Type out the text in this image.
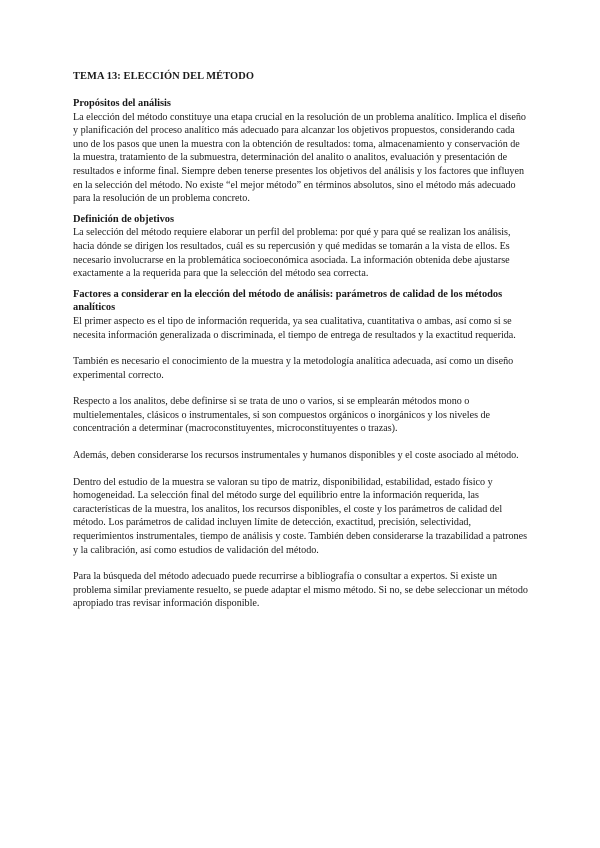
TEMA 13: ELECCIÓN DEL MÉTODO
Propósitos del análisis

La elección del método constituye una etapa crucial en la resolución de un problema analítico. Implica el diseño y planificación del proceso analítico más adecuado para alcanzar los objetivos propuestos, considerando cada uno de los pasos que unen la muestra con la obtención de resultados: toma, almacenamiento y conservación de la muestra, tratamiento de la submuestra, determinación del analito o analitos, evaluación y presentación de resultados e informe final. Siempre deben tenerse presentes los objetivos del análisis y los factores que influyen en la selección del método. No existe “el mejor método” en términos absolutos, sino el método más adecuado para la resolución de un problema concreto.

Definición de objetivos

La selección del método requiere elaborar un perfil del problema: por qué y para qué se realizan los análisis, hacia dónde se dirigen los resultados, cuál es su repercusión y qué medidas se tomarán a la vista de ellos. Es necesario involucrarse en la problemática socioeconómica asociada. La información obtenida debe ajustarse exactamente a la requerida para que la selección del método sea correcta.

Factores a considerar en la elección del método de análisis: parámetros de calidad de los métodos analíticos

El primer aspecto es el tipo de información requerida, ya sea cualitativa, cuantitativa o ambas, así como si se necesita información generalizada o discriminada, el tiempo de entrega de resultados y la exactitud requerida.

También es necesario el conocimiento de la muestra y la metodología analítica adecuada, así como un diseño experimental correcto.

Respecto a los analitos, debe definirse si se trata de uno o varios, si se emplearán métodos mono o multielementales, clásicos o instrumentales, si son compuestos orgánicos o inorgánicos y los niveles de concentración a determinar (macroconstituyentes, microconstituyentes o trazas).

Además, deben considerarse los recursos instrumentales y humanos disponibles y el coste asociado al método.

Dentro del estudio de la muestra se valoran su tipo de matriz, disponibilidad, estabilidad, estado físico y homogeneidad. La selección final del método surge del equilibrio entre la información requerida, las características de la muestra, los analitos, los recursos disponibles, el coste y los parámetros de calidad del método. Los parámetros de calidad incluyen límite de detección, exactitud, precisión, selectividad, requerimientos instrumentales, tiempo de análisis y coste. También deben considerarse la trazabilidad a patrones y la calibración, así como estudios de validación del método.

Para la búsqueda del método adecuado puede recurrirse a bibliografía o consultar a expertos. Si existe un problema similar previamente resuelto, se puede adaptar el mismo método. Si no, se debe seleccionar un método apropiado tras revisar información disponible.
